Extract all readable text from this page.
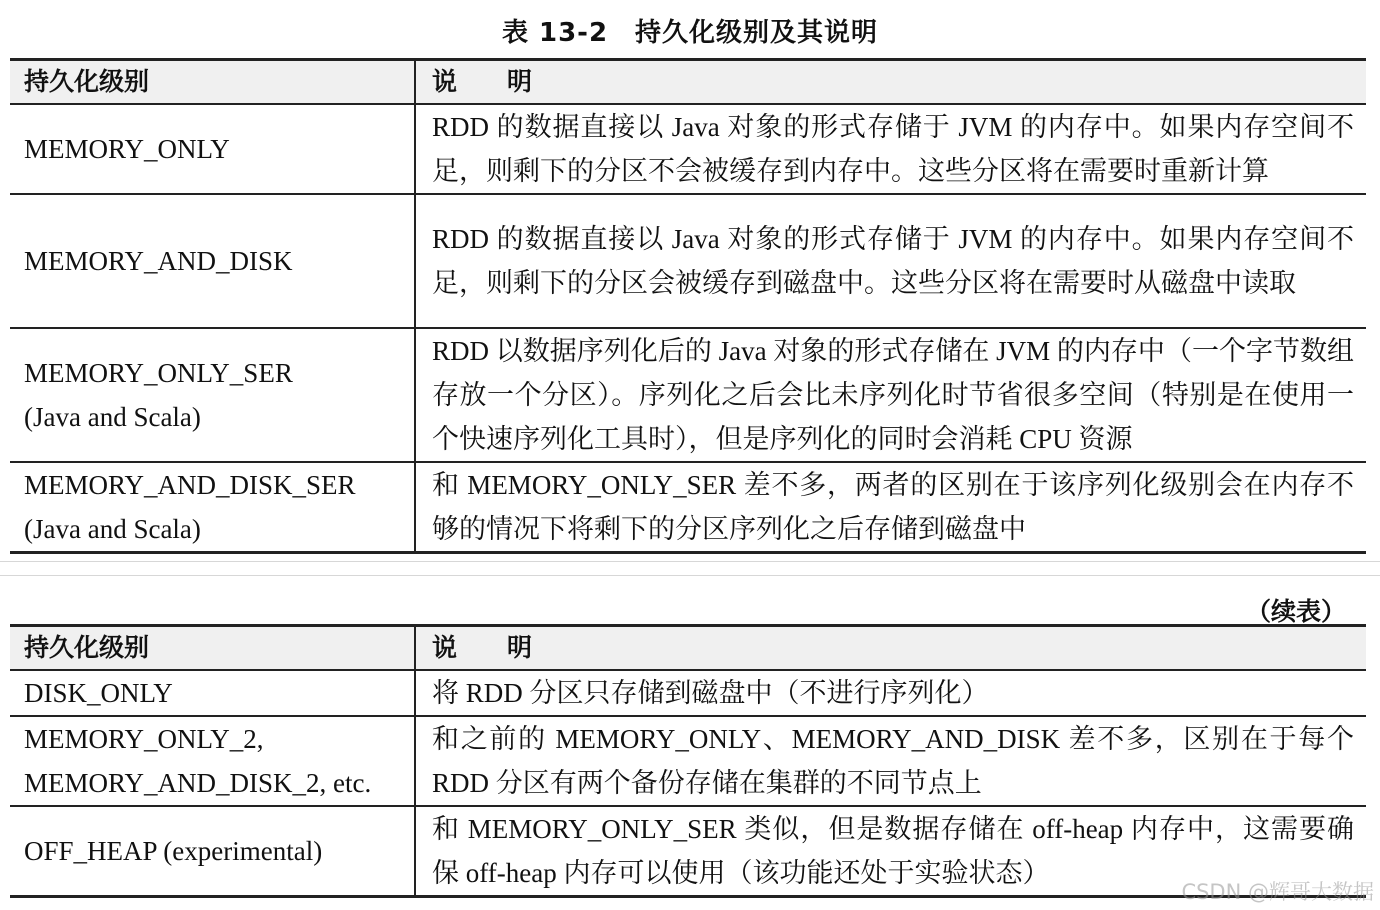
表 13-2　持久化级别及其说明
持久化级别	说　　明
MEMORY_ONLY	RDD 的数据直接以 Java 对象的形式存储于 JVM 的内存中。如果内存空间不足，则剩下的分区不会被缓存到内存中。这些分区将在需要时重新计算
MEMORY_AND_DISK	RDD 的数据直接以 Java 对象的形式存储于 JVM 的内存中。如果内存空间不足，则剩下的分区会被缓存到磁盘中。这些分区将在需要时从磁盘中读取

MEMORY_ONLY_SER
(Java and Scala)	RDD 以数据序列化后的 Java 对象的形式存储在 JVM 的内存中（一个字节数组存放一个分区）。序列化之后会比未序列化时节省很多空间（特别是在使用一个快速序列化工具时），但是序列化的同时会消耗 CPU 资源

MEMORY_AND_DISK_SER
(Java and Scala)	和 MEMORY_ONLY_SER 差不多，两者的区别在于该序列化级别会在内存不够的情况下将剩下的分区序列化之后存储到磁盘中
（续表）
持久化级别	说　　明
DISK_ONLY	将 RDD 分区只存储到磁盘中（不进行序列化）

MEMORY_ONLY_2,
MEMORY_AND_DISK_2, etc.	和之前的 MEMORY_ONLY、MEMORY_AND_DISK 差不多，区别在于每个 RDD 分区有两个备份存储在集群的不同节点上
OFF_HEAP (experimental)	和 MEMORY_ONLY_SER 类似，但是数据存储在 off-heap 内存中，这需要确保 off-heap 内存可以使用（该功能还处于实验状态）
CSDN @辉哥大数据
